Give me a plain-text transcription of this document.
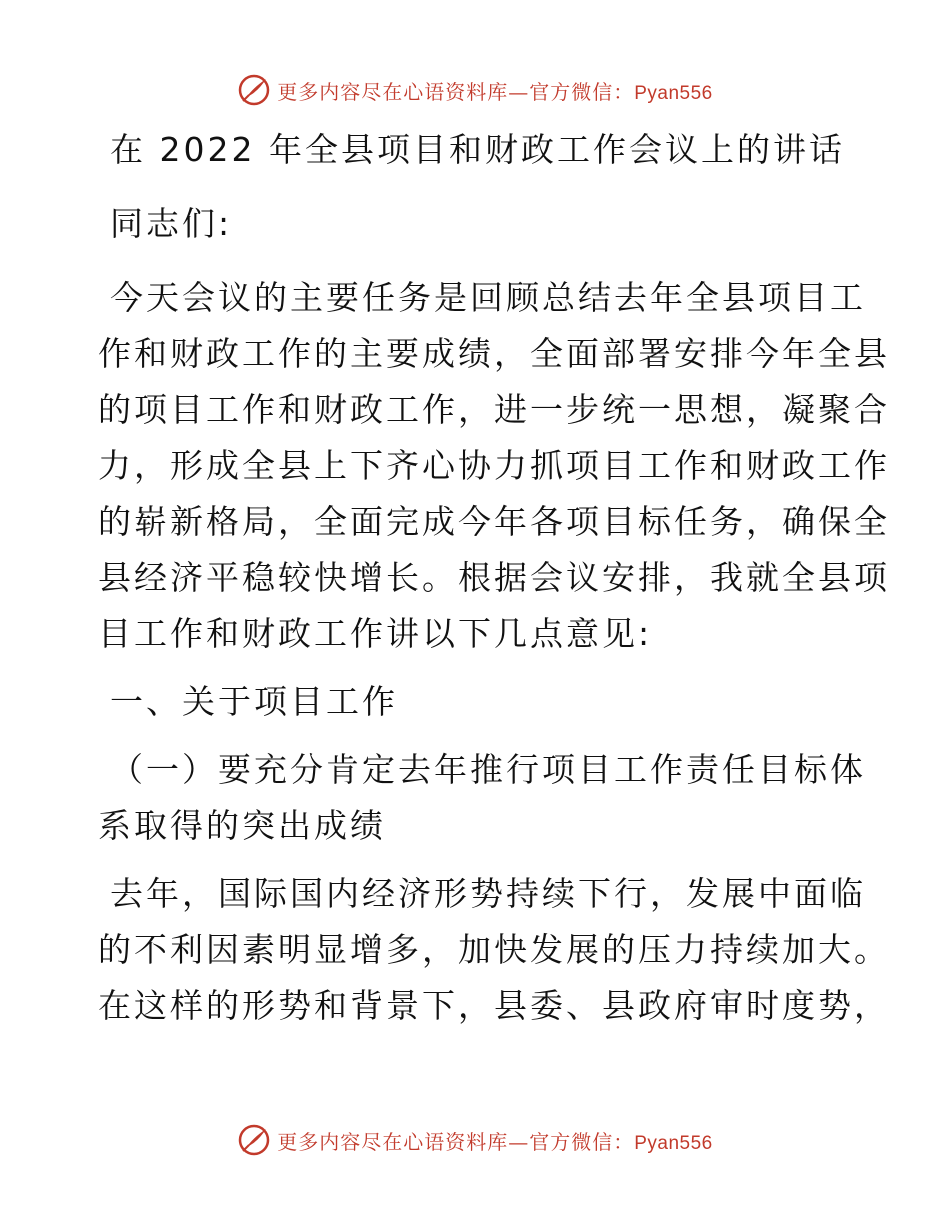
更多内容尽在心语资料库—官方微信：Pyan556

在 2022 年全县项目和财政工作会议上的讲话

同志们:

今天会议的主要任务是回顾总结去年全县项目工

作和财政工作的主要成绩，全面部署安排今年全县

的项目工作和财政工作，进一步统一思想，凝聚合

力，形成全县上下齐心协力抓项目工作和财政工作

的崭新格局，全面完成今年各项目标任务，确保全

县经济平稳较快增长。根据会议安排，我就全县项

目工作和财政工作讲以下几点意见:

一、关于项目工作

（一）要充分肯定去年推行项目工作责任目标体

系取得的突出成绩

去年，国际国内经济形势持续下行，发展中面临

的不利因素明显增多，加快发展的压力持续加大。

在这样的形势和背景下，县委、县政府审时度势，

更多内容尽在心语资料库—官方微信：Pyan556
